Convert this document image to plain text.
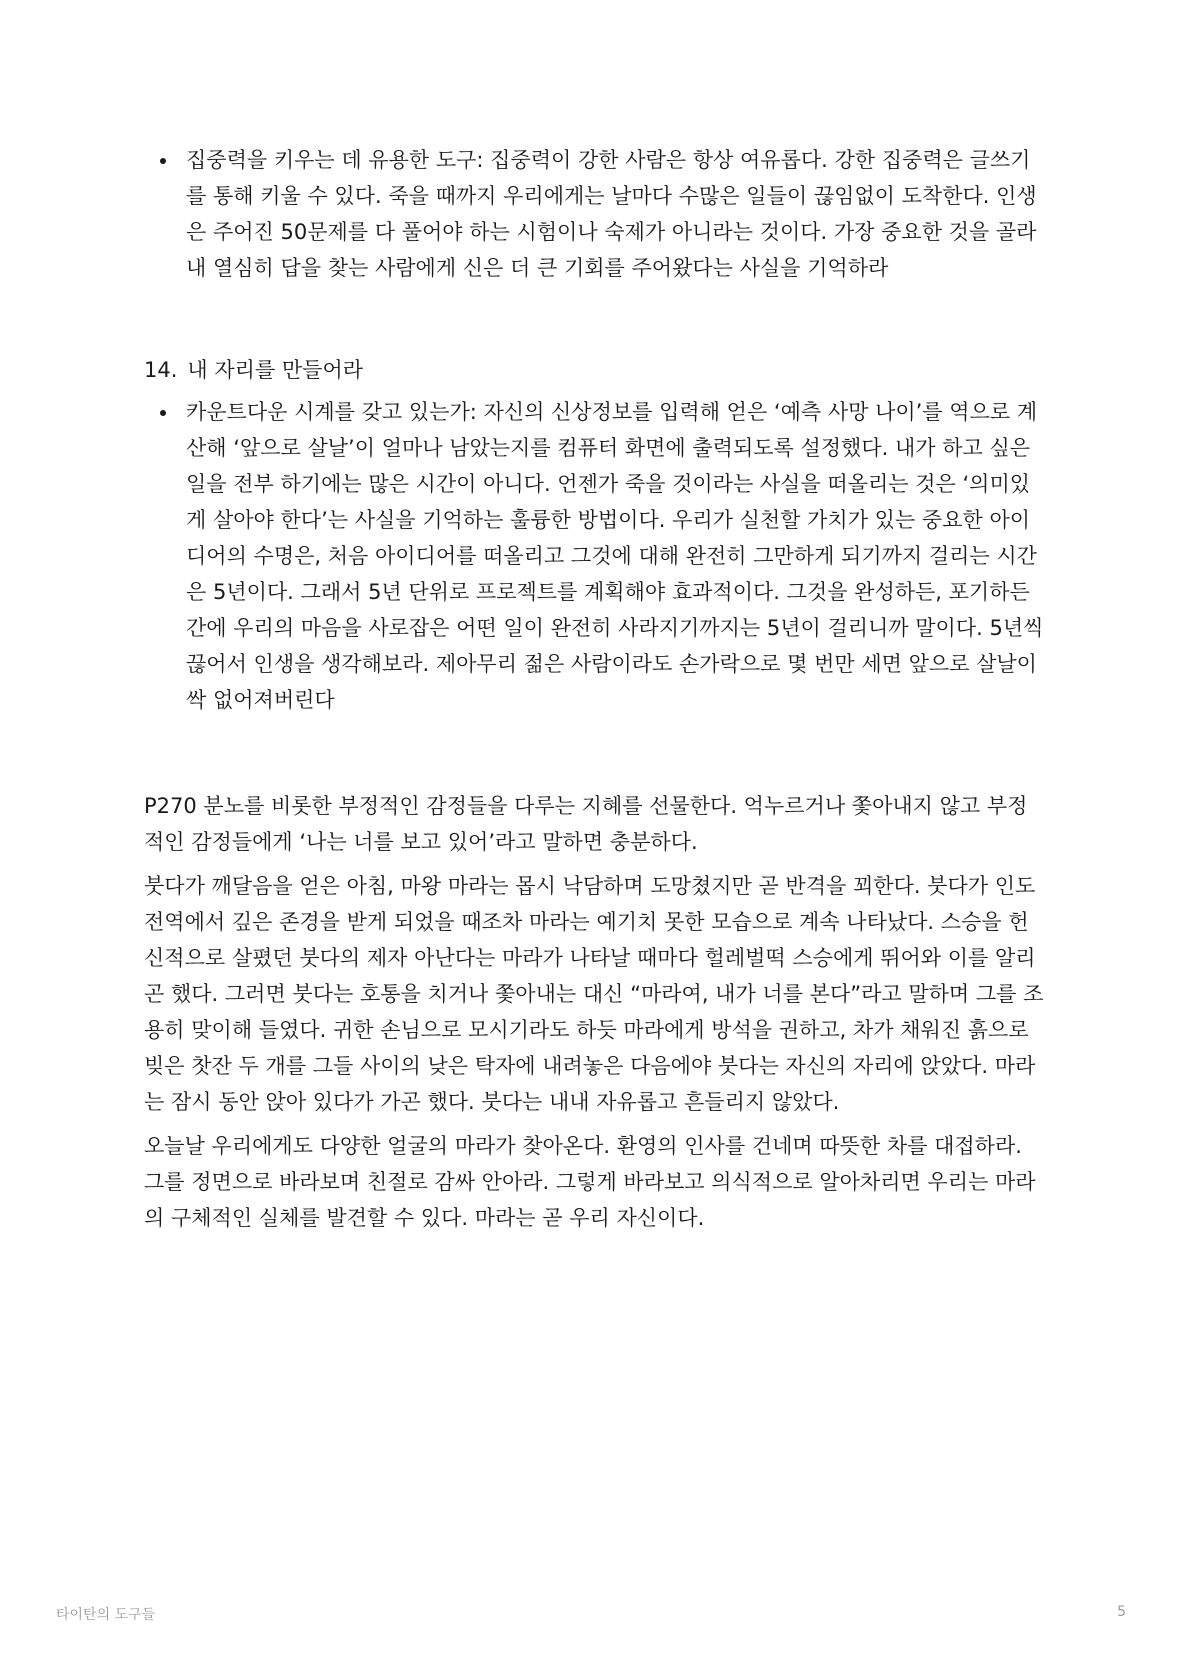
집중력을 키우는 데 유용한 도구: 집중력이 강한 사람은 항상 여유롭다. 강한 집중력은 글쓰기를 통해 키울 수 있다. 죽을 때까지 우리에게는 날마다 수많은 일들이 끊임없이 도착한다. 인생은 주어진 50문제를 다 풀어야 하는 시험이나 숙제가 아니라는 것이다. 가장 중요한 것을 골라내 열심히 답을 찾는 사람에게 신은 더 큰 기회를 주어왔다는 사실을 기억하라
14. 내 자리를 만들어라
카운트다운 시계를 갖고 있는가: 자신의 신상정보를 입력해 얻은 ‘예측 사망 나이’를 역으로 계산해 ‘앞으로 살날’이 얼마나 남았는지를 컴퓨터 화면에 출력되도록 설정했다. 내가 하고 싶은 일을 전부 하기에는 많은 시간이 아니다. 언젠가 죽을 것이라는 사실을 떠올리는 것은 ‘의미있게 살아야 한다’는 사실을 기억하는 훌륭한 방법이다. 우리가 실천할 가치가 있는 중요한 아이디어의 수명은, 처음 아이디어를 떠올리고 그것에 대해 완전히 그만하게 되기까지 걸리는 시간은 5년이다. 그래서 5년 단위로 프로젝트를 계획해야 효과적이다. 그것을 완성하든, 포기하든 간에 우리의 마음을 사로잡은 어떤 일이 완전히 사라지기까지는 5년이 걸리니까 말이다. 5년씩 끊어서 인생을 생각해보라. 제아무리 젊은 사람이라도 손가락으로 몇 번만 세면 앞으로 살날이 싹 없어져버린다

P270 분노를 비롯한 부정적인 감정들을 다루는 지혜를 선물한다. 억누르거나 쫓아내지 않고 부정적인 감정들에게 ‘나는 너를 보고 있어’라고 말하면 충분하다.

붓다가 깨달음을 얻은 아침, 마왕 마라는 몹시 낙담하며 도망쳤지만 곧 반격을 꾀한다. 붓다가 인도 전역에서 깊은 존경을 받게 되었을 때조차 마라는 예기치 못한 모습으로 계속 나타났다. 스승을 헌신적으로 살폈던 붓다의 제자 아난다는 마라가 나타날 때마다 헐레벌떡 스승에게 뛰어와 이를 알리곤 했다. 그러면 붓다는 호통을 치거나 쫓아내는 대신 “마라여, 내가 너를 본다”라고 말하며 그를 조용히 맞이해 들였다. 귀한 손님으로 모시기라도 하듯 마라에게 방석을 권하고, 차가 채워진 흙으로 빚은 찻잔 두 개를 그들 사이의 낮은 탁자에 내려놓은 다음에야 붓다는 자신의 자리에 앉았다. 마라는 잠시 동안 앉아 있다가 가곤 했다. 붓다는 내내 자유롭고 흔들리지 않았다.

오늘날 우리에게도 다양한 얼굴의 마라가 찾아온다. 환영의 인사를 건네며 따뜻한 차를 대접하라. 그를 정면으로 바라보며 친절로 감싸 안아라. 그렇게 바라보고 의식적으로 알아차리면 우리는 마라의 구체적인 실체를 발견할 수 있다. 마라는 곧 우리 자신이다.

타이탄의 도구들	5
